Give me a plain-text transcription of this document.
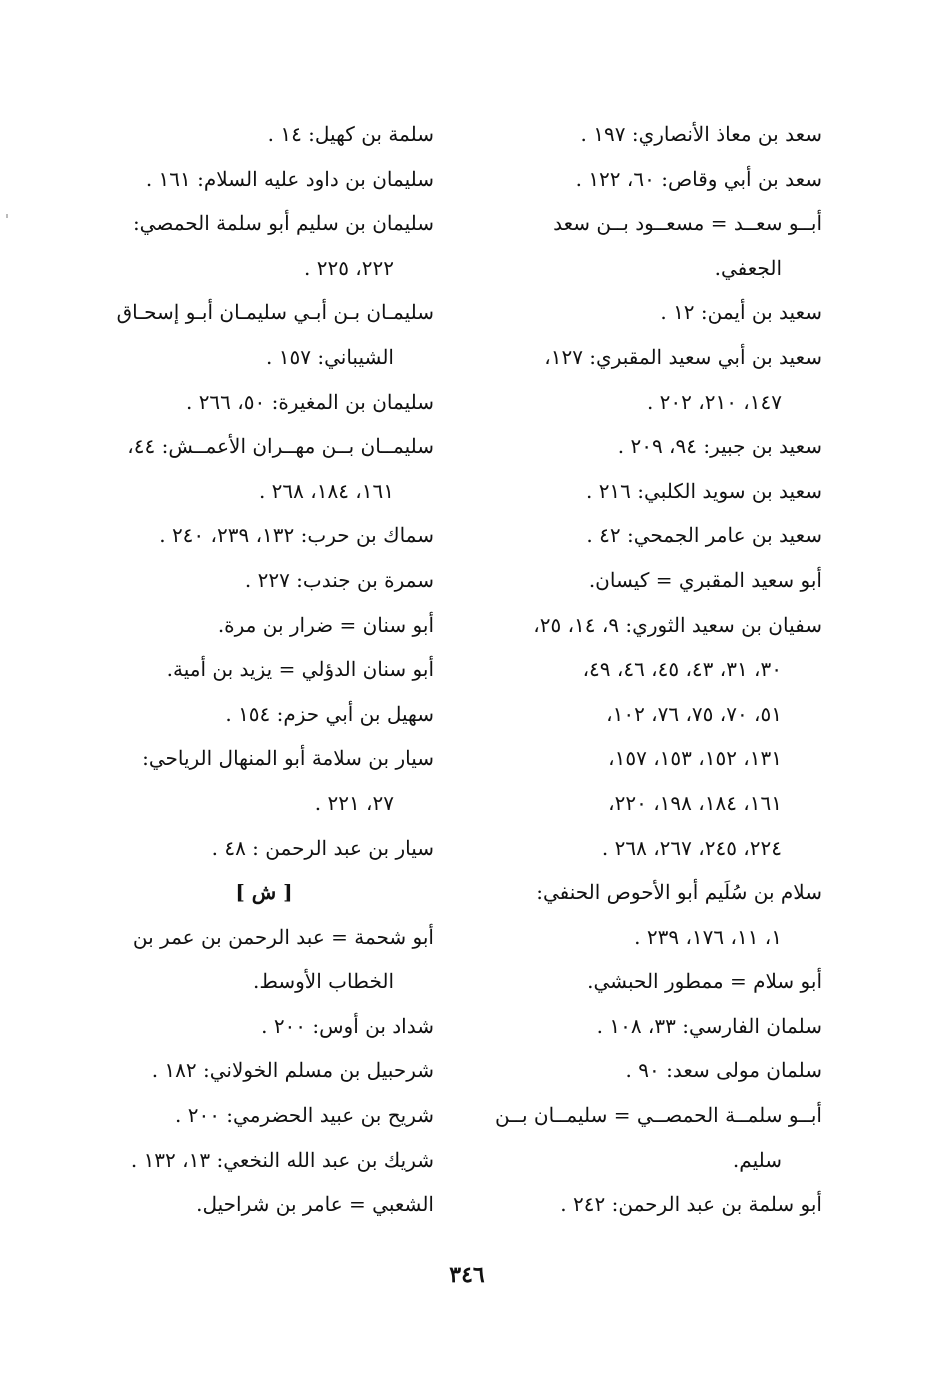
سعد بن معاذ الأنصاري: ١٩٧ .
سعد بن أبي وقاص: ٦٠، ١٢٢ .
أبــو سعــد = مسعــود بــن سعد
الجعفي.
سعيد بن أيمن: ١٢ .
سعيد بن أبي سعيد المقبري: ١٢٧،
١٤٧، ٢١٠، ٢٠٢ .
سعيد بن جبير: ٩٤، ٢٠٩ .
سعيد بن سويد الكلبي: ٢١٦ .
سعيد بن عامر الجمحي: ٤٢ .
أبو سعيد المقبري = كيسان.
سفيان بن سعيد الثوري: ٩، ١٤، ٢٥،
٣٠، ٣١، ٤٣، ٤٥، ٤٦، ٤٩،
٥١، ٧٠، ٧٥، ٧٦، ١٠٢،
١٣١، ١٥٢، ١٥٣، ١٥٧،
١٦١، ١٨٤، ١٩٨، ٢٢٠،
٢٢٤، ٢٤٥، ٢٦٧، ٢٦٨ .
سلام بن سُلَيم أبو الأحوص الحنفي:
١، ١١، ١٧٦، ٢٣٩ .
أبو سلام = ممطور الحبشي.
سلمان الفارسي: ٣٣، ١٠٨ .
سلمان مولى سعد: ٩٠ .
أبــو سلمــة الحمصــي = سليمــان بــن
سليم.
أبو سلمة بن عبد الرحمن: ٢٤٢ .
سلمة بن كهيل: ١٤ .
سليمان بن داود عليه السلام: ١٦١ .
سليمان بن سليم أبو سلمة الحمصي:
٢٢٢، ٢٢٥ .
سليمـان بـن أبـي سليمـان أبـو إسحـاق
الشيباني: ١٥٧ .
سليمان بن المغيرة: ٥٠، ٢٦٦ .
سليمــان بــن مهــران الأعمــش: ٤٤،
١٦١، ١٨٤، ٢٦٨ .
سماك بن حرب: ١٣٢، ٢٣٩، ٢٤٠ .
سمرة بن جندب: ٢٢٧ .
أبو سنان = ضرار بن مرة.
أبو سنان الدؤلي = يزيد بن أمية.
سهيل بن أبي حزم: ١٥٤ .
سيار بن سلامة أبو المنهال الرياحي:
٢٧، ٢٢١ .
سيار بن عبد الرحمن : ٤٨ .
[ ش ]
أبو شحمة = عبد الرحمن بن عمر بن
الخطاب الأوسط.
شداد بن أوس: ٢٠٠ .
شرحبيل بن مسلم الخولاني: ١٨٢ .
شريح بن عبيد الحضرمي: ٢٠٠ .
شريك بن عبد الله النخعي: ١٣، ١٣٢ .
الشعبي = عامر بن شراحيل.
٣٤٦
